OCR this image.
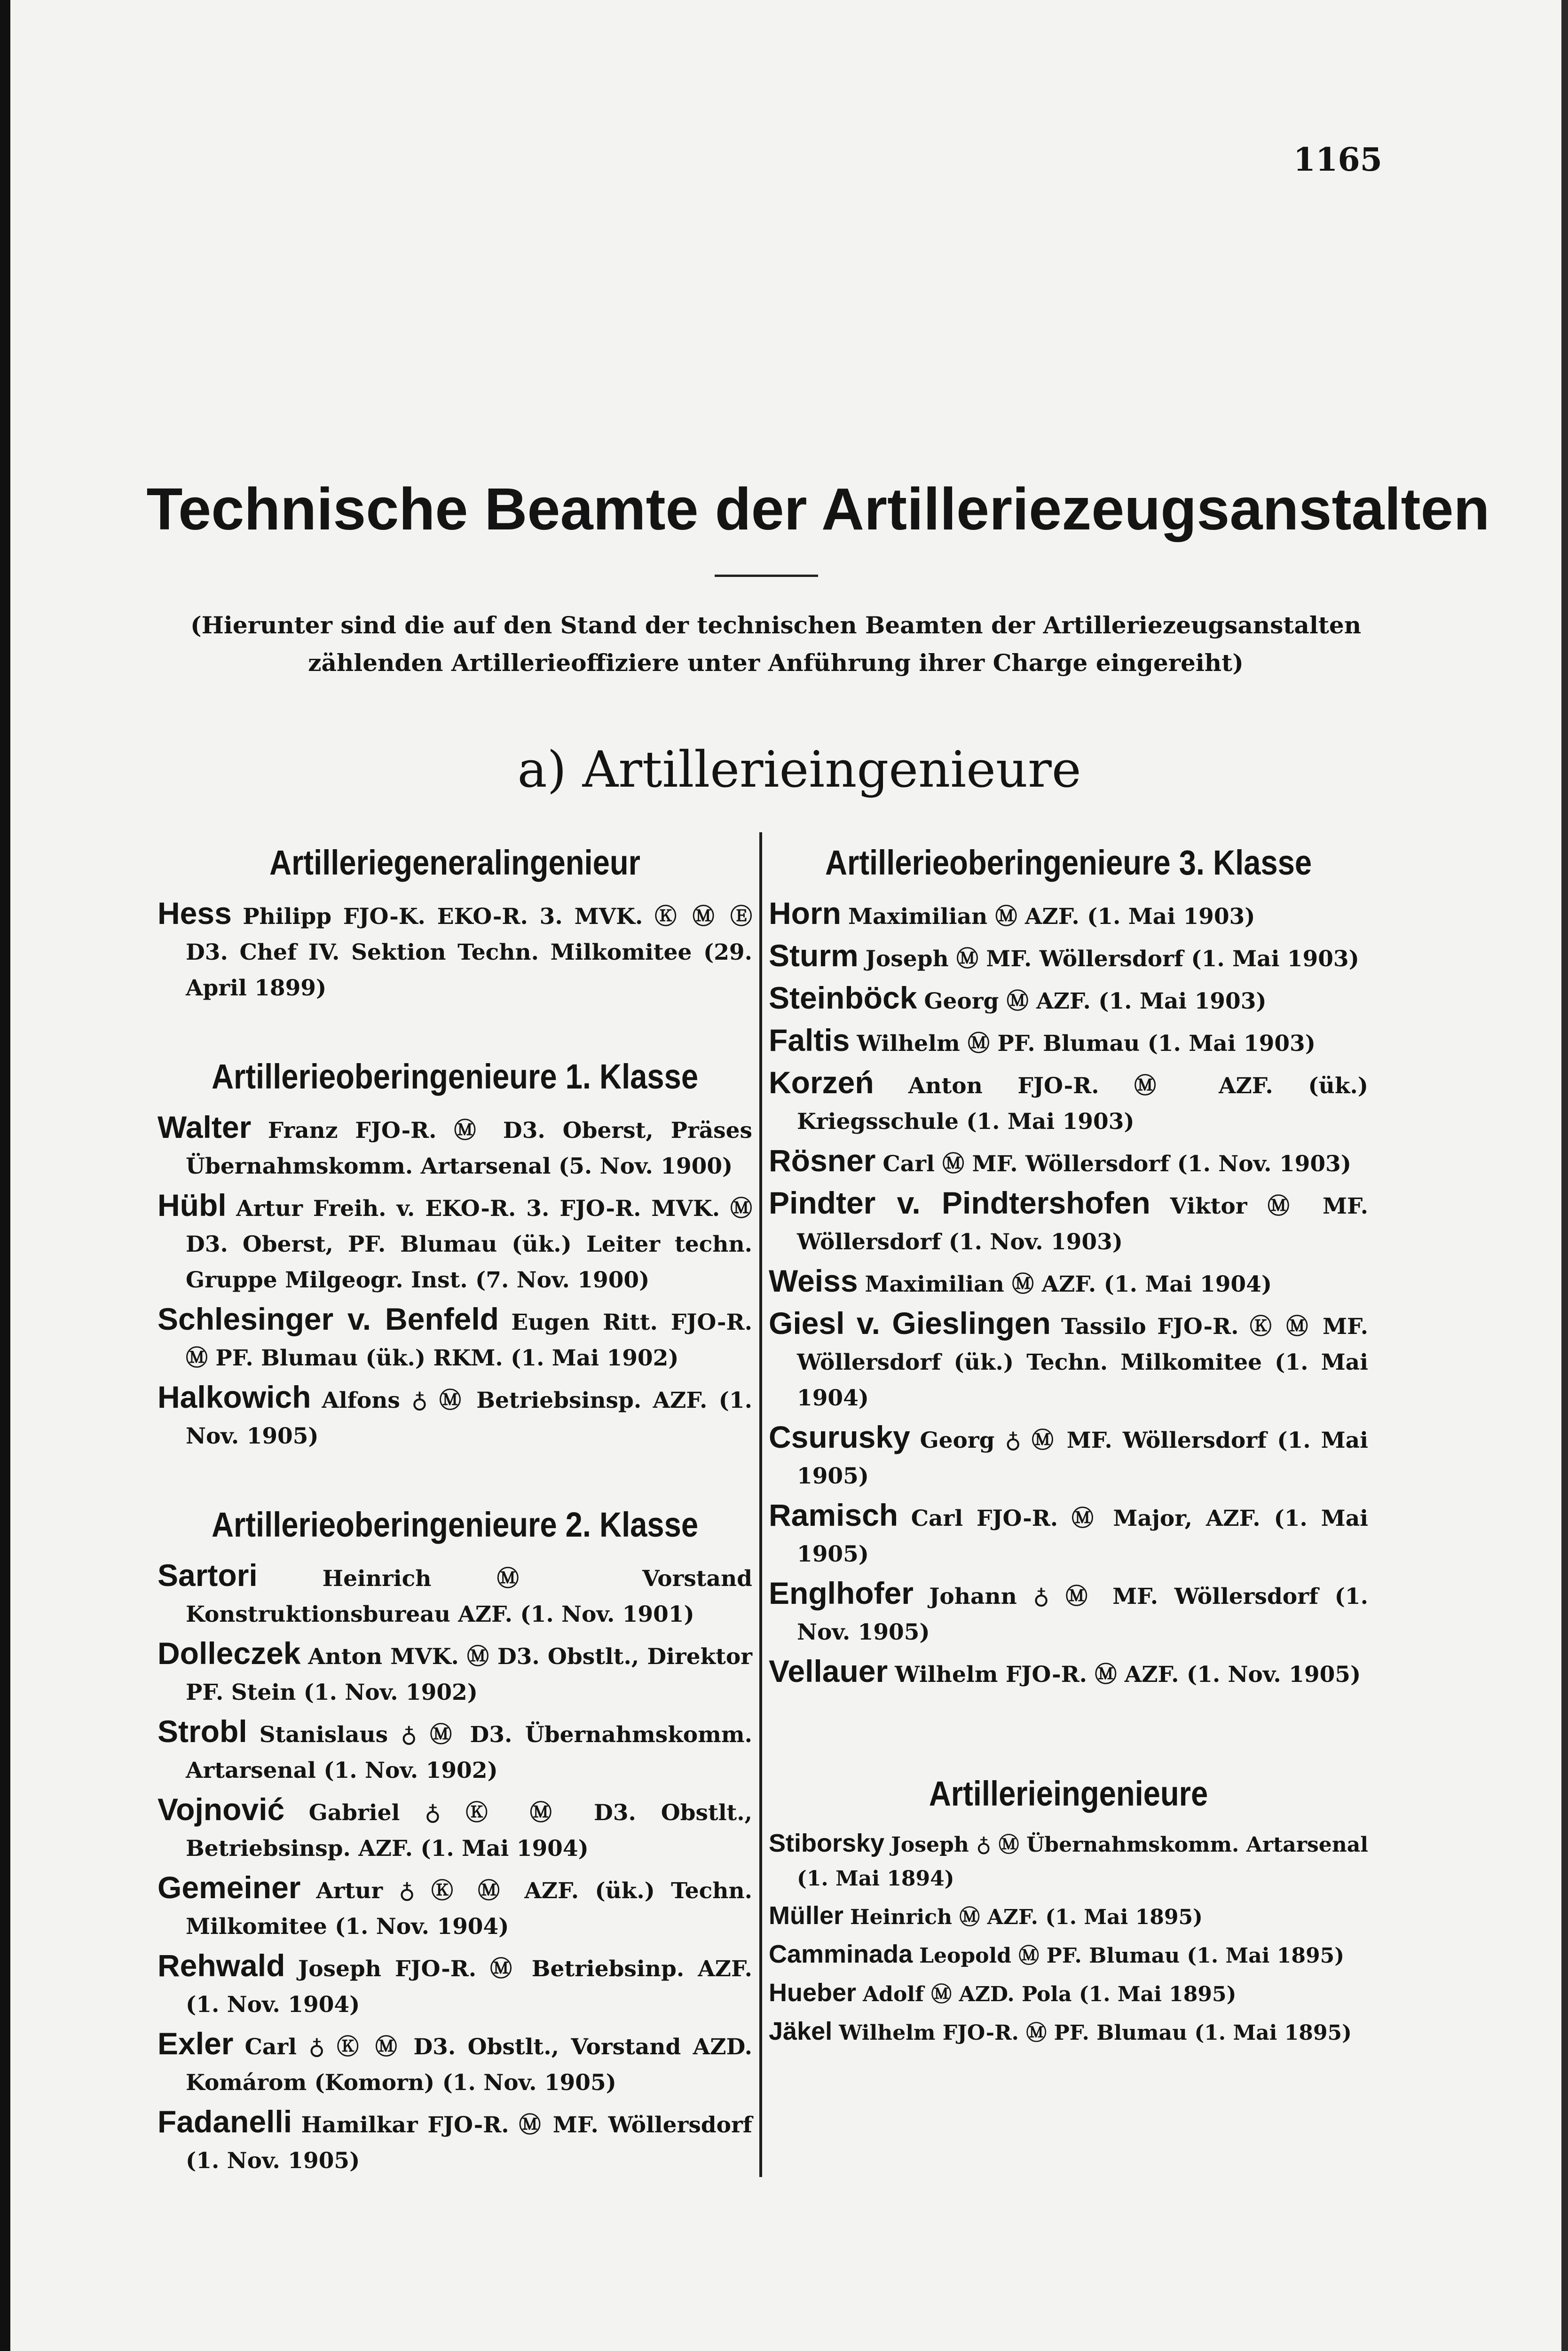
1165
Technische Beamte der Artilleriezeugsanstalten
(Hierunter sind die auf den Stand der technischen Beamten der Artilleriezeugsanstalten zählenden Artillerieoffiziere unter Anführung ihrer Charge eingereiht)
a) Artillerieingenieure
Artilleriegeneralingenieur

Hess Philipp FJO-K. EKO-R. 3. MVK. Ⓚ Ⓜ Ⓔ D3. Chef IV. Sektion Techn. Milkomitee (29. April 1899)

Artillerieoberingenieure 1. Klasse

Walter Franz FJO-R. Ⓜ D3. Oberst, Präses Übernahmskomm. Artarsenal (5. Nov. 1900)

Hübl Artur Freih. v. EKO-R. 3. FJO-R. MVK. Ⓜ D3. Oberst, PF. Blumau (ük.) Leiter techn. Gruppe Milgeogr. Inst. (7. Nov. 1900)

Schlesinger v. Benfeld Eugen Ritt. FJO-R. Ⓜ PF. Blumau (ük.) RKM. (1. Mai 1902)

Halkowich Alfons ♁ Ⓜ Betriebsinsp. AZF. (1. Nov. 1905)

Artillerieoberingenieure 2. Klasse

Sartori	Heinrich Ⓜ Vorstand Konstruktionsbureau AZF. (1. Nov. 1901)

Dolleczek Anton MVK. Ⓜ D3. Obstlt., Direktor PF. Stein (1. Nov. 1902)

Strobl Stanislaus ♁ Ⓜ D3. Übernahmskomm. Artarsenal (1. Nov. 1902)

Vojnović Gabriel ♁ Ⓚ Ⓜ D3. Obstlt., Betriebsinsp. AZF. (1. Mai 1904)

Gemeiner Artur ♁ Ⓚ Ⓜ AZF. (ük.) Techn. Milkomitee (1. Nov. 1904)

Rehwald Joseph FJO-R. Ⓜ Betriebsinp. AZF. (1. Nov. 1904)

Exler Carl ♁ Ⓚ Ⓜ D3. Obstlt., Vorstand AZD. Komárom (Komorn) (1. Nov. 1905)

Fadanelli Hamilkar FJO-R. Ⓜ MF. Wöllersdorf (1. Nov. 1905)

Artillerieoberingenieure 3. Klasse

Horn Maximilian Ⓜ AZF. (1. Mai 1903)

Sturm Joseph Ⓜ MF. Wöllersdorf (1. Mai 1903)

Steinböck Georg Ⓜ AZF. (1. Mai 1903)

Faltis Wilhelm Ⓜ PF. Blumau (1. Mai 1903)

Korzeń Anton FJO-R. Ⓜ AZF. (ük.) Kriegsschule (1. Mai 1903)

Rösner Carl Ⓜ MF. Wöllersdorf (1. Nov. 1903)

Pindter v. Pindtershofen Viktor Ⓜ MF. Wöllersdorf (1. Nov. 1903)

Weiss Maximilian Ⓜ AZF. (1. Mai 1904)

Giesl v. Gieslingen Tassilo FJO-R. Ⓚ Ⓜ MF. Wöllersdorf (ük.) Techn. Milkomitee (1. Mai 1904)

Csurusky Georg ♁ Ⓜ MF. Wöllersdorf (1. Mai 1905)

Ramisch Carl FJO-R. Ⓜ Major, AZF. (1. Mai 1905)

Englhofer Johann ♁ Ⓜ MF. Wöllersdorf (1. Nov. 1905)

Vellauer Wilhelm FJO-R. Ⓜ AZF. (1. Nov. 1905)

Artillerieingenieure

Stiborsky Joseph ♁ Ⓜ Übernahmskomm. Artarsenal (1. Mai 1894)

Müller Heinrich Ⓜ AZF. (1. Mai 1895)

Camminada Leopold Ⓜ PF. Blumau (1. Mai 1895)

Hueber Adolf Ⓜ AZD. Pola (1. Mai 1895)

Jäkel Wilhelm FJO-R. Ⓜ PF. Blumau (1. Mai 1895)
